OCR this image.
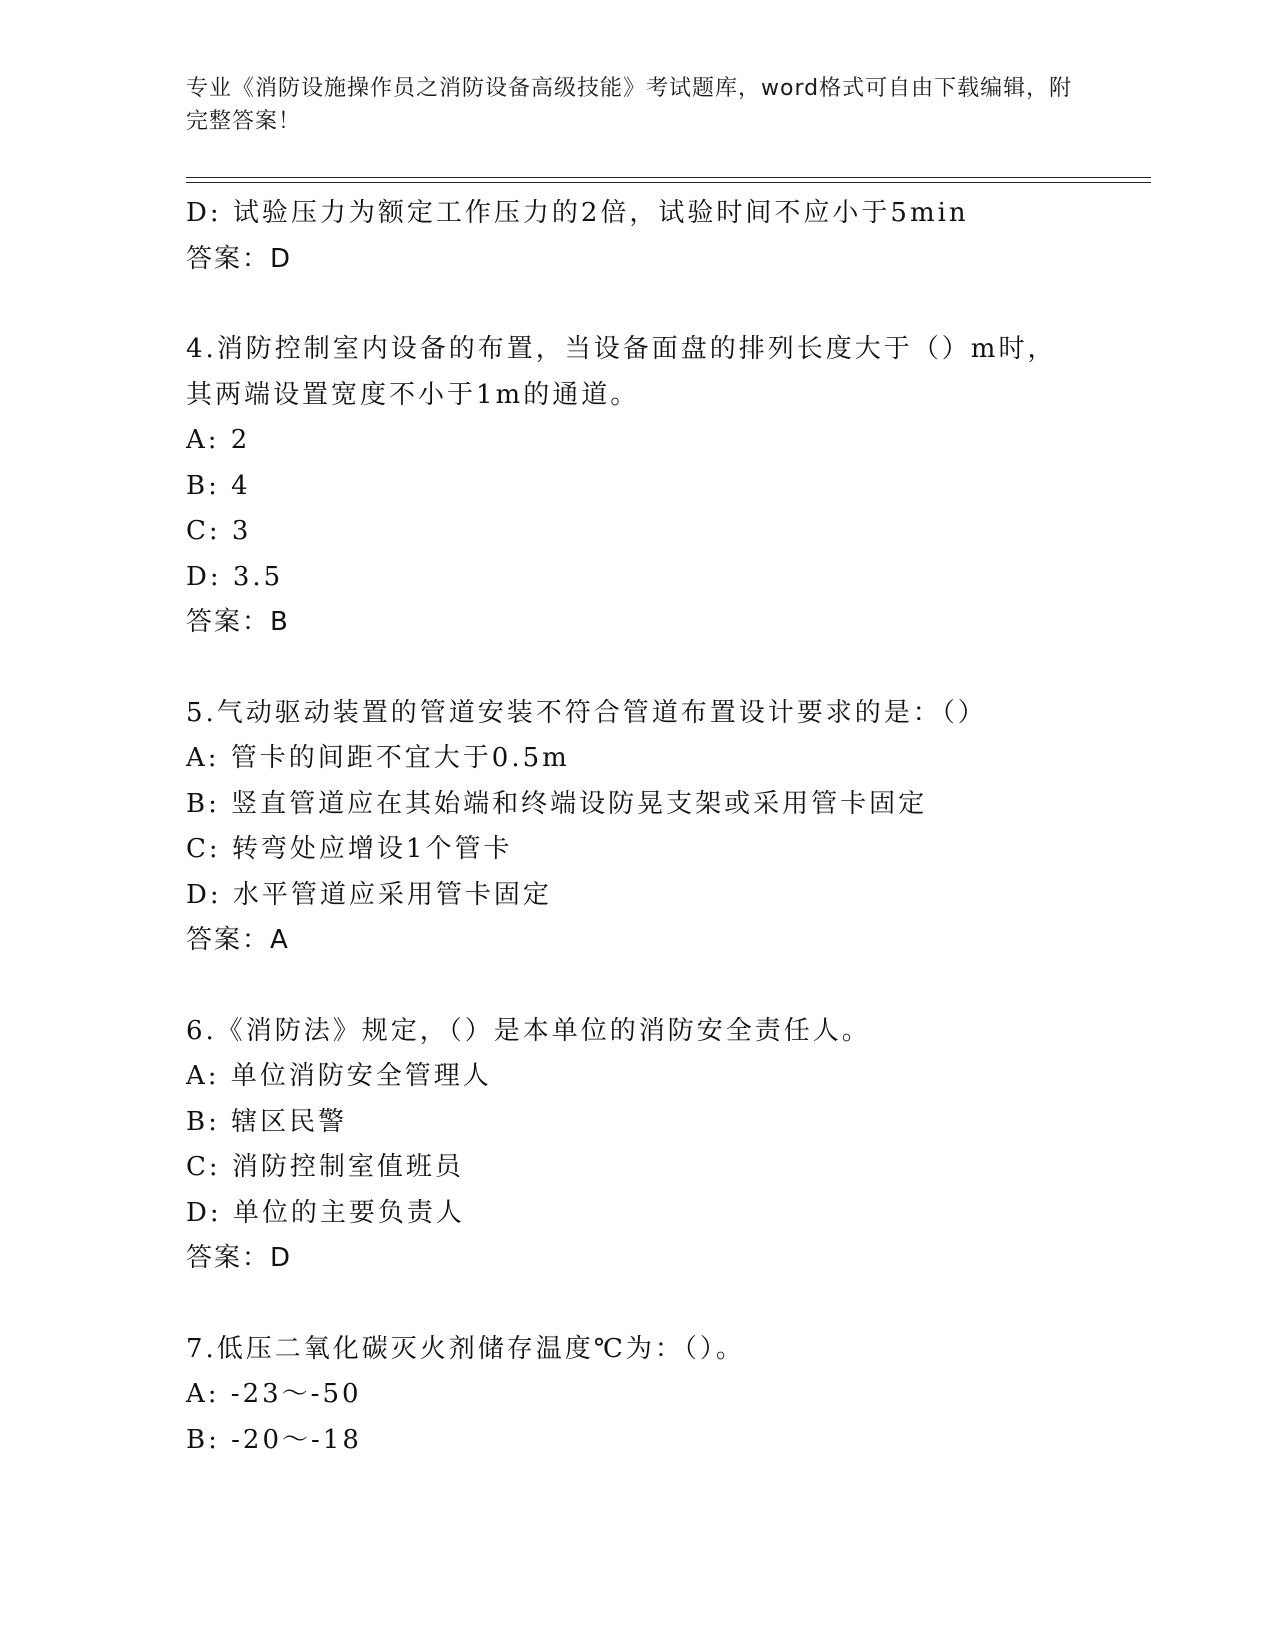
专业《消防设施操作员之消防设备高级技能》考试题库，word格式可自由下载编辑，附完整答案！
D: 试验压力为额定工作压力的2倍，试验时间不应小于5min
答案：D
4.消防控制室内设备的布置，当设备面盘的排列长度大于（）m时，其两端设置宽度不小于1m的通道。
A: 2
B: 4
C: 3
D: 3.5
答案：B
5.气动驱动装置的管道安装不符合管道布置设计要求的是：（）
A: 管卡的间距不宜大于0.5m
B: 竖直管道应在其始端和终端设防晃支架或采用管卡固定
C: 转弯处应增设1个管卡
D: 水平管道应采用管卡固定
答案：A
6.《消防法》规定，（）是本单位的消防安全责任人。
A: 单位消防安全管理人
B: 辖区民警
C: 消防控制室值班员
D: 单位的主要负责人
答案：D
7.低压二氧化碳灭火剂储存温度℃为：（）。
A: -23～-50
B: -20～-18
